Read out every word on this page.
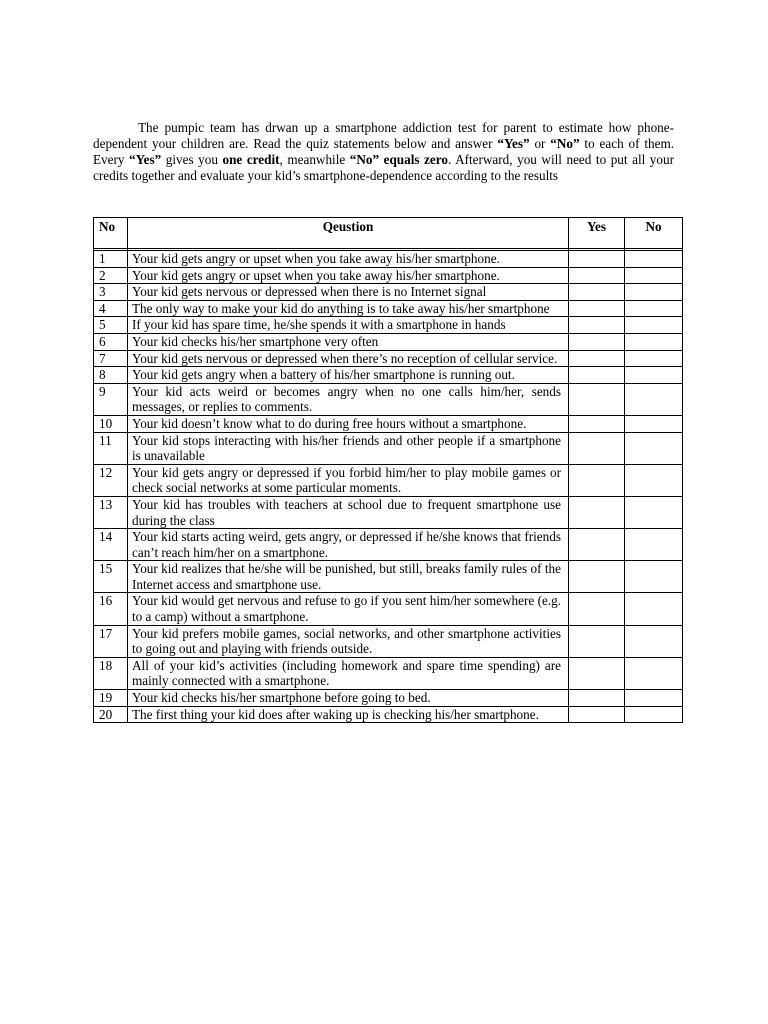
The pumpic team has drwan up a smartphone addiction test for parent to estimate how phone-dependent your children are. Read the quiz statements below and answer “Yes” or “No” to each of them. Every “Yes” gives you one credit, meanwhile “No” equals zero. Afterward, you will need to put all your credits together and evaluate your kid’s smartphone-dependence according to the results

No	Qeustion	Yes	No

1	Your kid gets angry or upset when you take away his/her smartphone.		
2	Your kid gets angry or upset when you take away his/her smartphone.		
3	Your kid gets nervous or depressed when there is no Internet signal		
4	The only way to make your kid do anything is to take away his/her smartphone		
5	If your kid has spare time, he/she spends it with a smartphone in hands		
6	Your kid checks his/her smartphone very often		
7	Your kid gets nervous or depressed when there’s no reception of cellular service.		
8	Your kid gets angry when a battery of his/her smartphone is running out.		
9	Your kid acts weird or becomes angry when no one calls him/her, sends messages, or replies to comments.		
10	Your kid doesn’t know what to do during free hours without a smartphone.		
11	Your kid stops interacting with his/her friends and other people if a smartphone is unavailable		
12	Your kid gets angry or depressed if you forbid him/her to play mobile games or check social networks at some particular moments.		
13	Your kid has troubles with teachers at school due to frequent smartphone use during the class		
14	Your kid starts acting weird, gets angry, or depressed if he/she knows that friends can’t reach him/her on a smartphone.		
15	Your kid realizes that he/she will be punished, but still, breaks family rules of the Internet access and smartphone use.		
16	Your kid would get nervous and refuse to go if you sent him/her somewhere (e.g. to a camp) without a smartphone.		
17	Your kid prefers mobile games, social networks, and other smartphone activities to going out and playing with friends outside.		
18	All of your kid’s activities (including homework and spare time spending) are mainly connected with a smartphone.		
19	Your kid checks his/her smartphone before going to bed.		
20	The first thing your kid does after waking up is checking his/her smartphone.		
